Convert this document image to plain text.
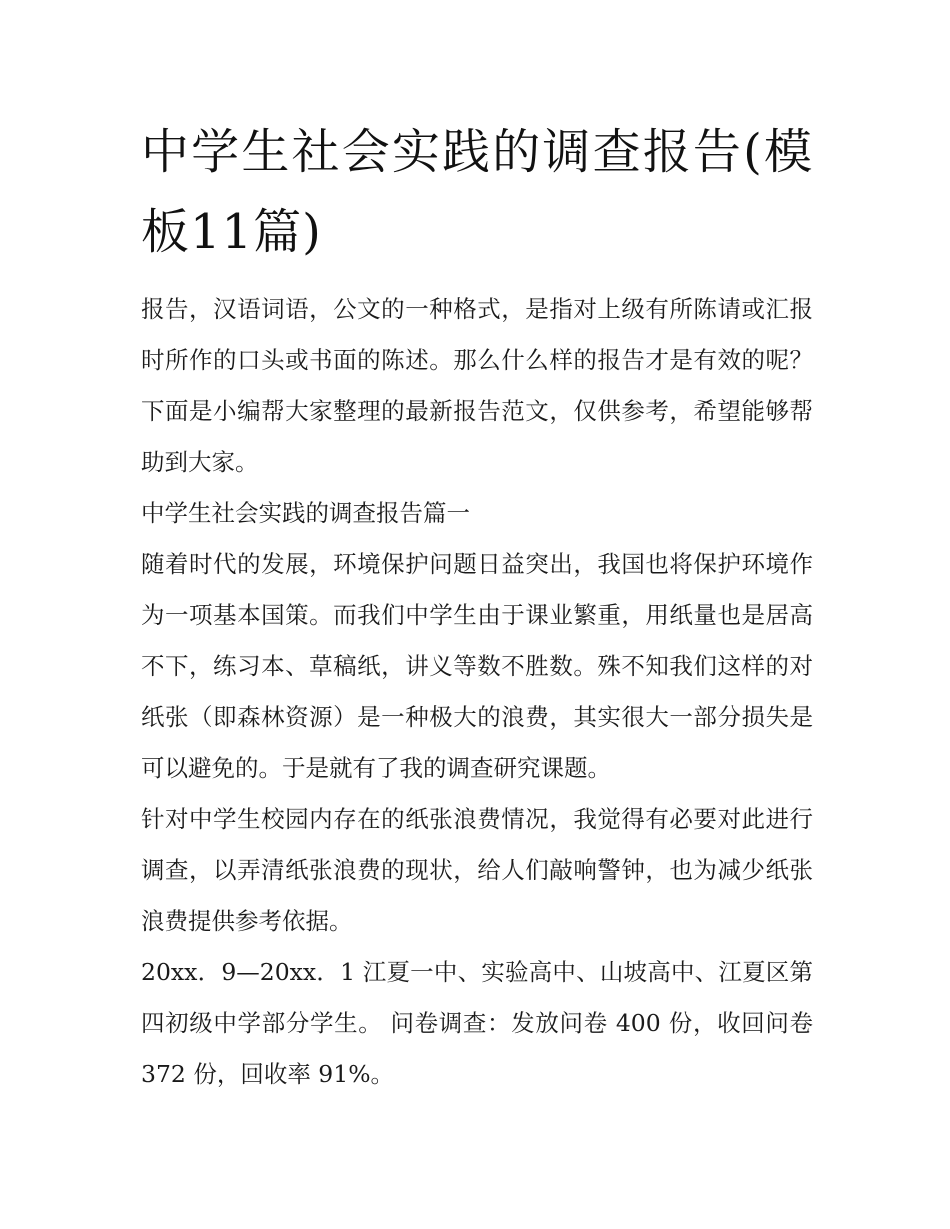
中学生社会实践的调查报告(模板11篇)

报告，汉语词语，公文的一种格式，是指对上级有所陈请或汇报时所作的口头或书面的陈述。那么什么样的报告才是有效的呢？下面是小编帮大家整理的最新报告范文，仅供参考，希望能够帮助到大家。

中学生社会实践的调查报告篇一

随着时代的发展，环境保护问题日益突出，我国也将保护环境作为一项基本国策。而我们中学生由于课业繁重，用纸量也是居高不下，练习本、草稿纸，讲义等数不胜数。殊不知我们这样的对纸张（即森林资源）是一种极大的浪费，其实很大一部分损失是可以避免的。于是就有了我的调查研究课题。

针对中学生校园内存在的纸张浪费情况，我觉得有必要对此进行调查，以弄清纸张浪费的现状，给人们敲响警钟，也为减少纸张浪费提供参考依据。

20xx．9—20xx．1 江夏一中、实验高中、山坡高中、江夏区第四初级中学部分学生。 问卷调查：发放问卷 400 份，收回问卷 372 份，回收率 91%。
